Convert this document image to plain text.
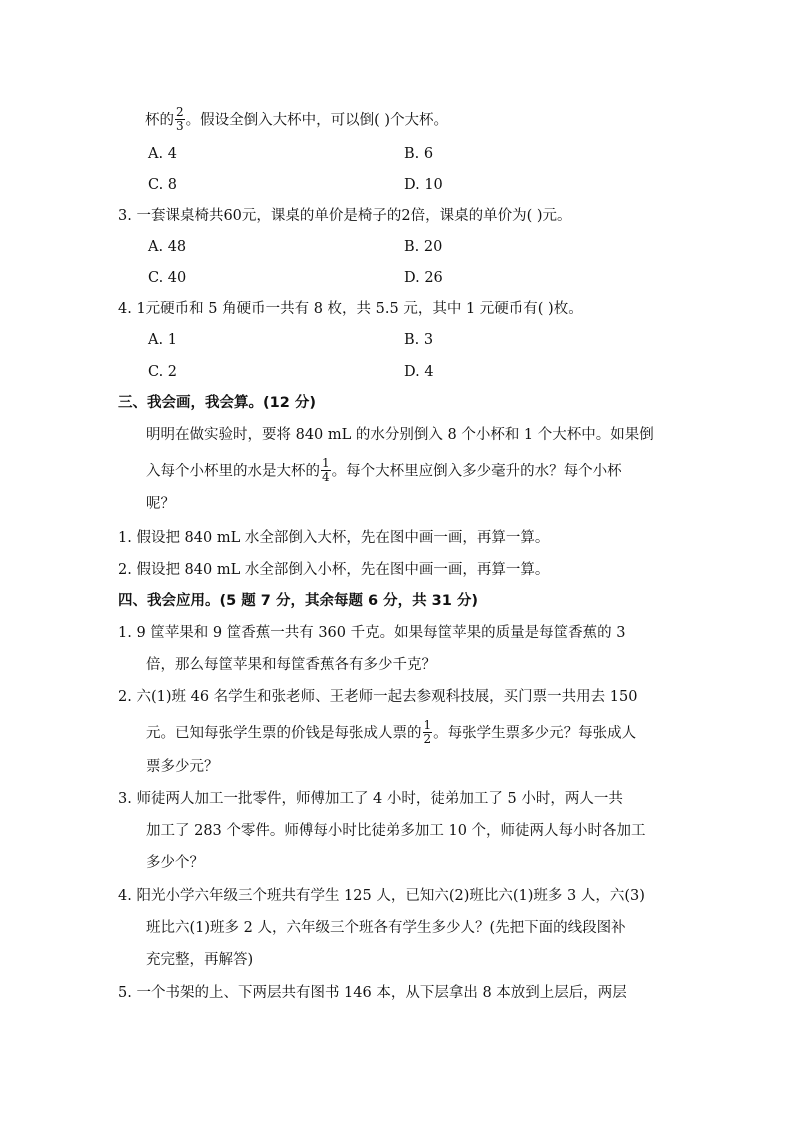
杯的 $\frac{2}{3}$ 。假设全倒入大杯中，可以倒( )个大杯。
A. 4	B. 6
C. 8	D. 10
3. 一套课桌椅共60元，课桌的单价是椅子的2倍，课桌的单价为( )元。
A. 48	B. 20
C. 40	D. 26
4. 1元硬币和 5 角硬币一共有 8 枚，共 5.5 元，其中 1 元硬币有( )枚。
A. 1	B. 3
C. 2	D. 4
三、我会画，我会算。(12 分)
明明在做实验时，要将 840 mL 的水分别倒入 8 个小杯和 1 个大杯中。如果倒
入每个小杯里的水是大杯的 $\frac{1}{4}$ 。每个大杯里应倒入多少毫升的水？每个小杯
呢？
1. 假设把 840 mL 水全部倒入大杯，先在图中画一画，再算一算。
2. 假设把 840 mL 水全部倒入小杯，先在图中画一画，再算一算。
四、我会应用。(5 题 7 分，其余每题 6 分，共 31 分)
1. 9 筐苹果和 9 筐香蕉一共有 360 千克。如果每筐苹果的质量是每筐香蕉的 3
倍，那么每筐苹果和每筐香蕉各有多少千克？
2. 六(1)班 46 名学生和张老师、王老师一起去参观科技展，买门票一共用去 150
元。已知每张学生票的价钱是每张成人票的 $\frac{1}{2}$ 。每张学生票多少元？每张成人
票多少元？
3. 师徒两人加工一批零件，师傅加工了 4 小时，徒弟加工了 5 小时，两人一共
加工了 283 个零件。师傅每小时比徒弟多加工 10 个，师徒两人每小时各加工
多少个？
4. 阳光小学六年级三个班共有学生 125 人，已知六(2)班比六(1)班多 3 人，六(3)
班比六(1)班多 2 人，六年级三个班各有学生多少人？(先把下面的线段图补
充完整，再解答)
5. 一个书架的上、下两层共有图书 146 本，从下层拿出 8 本放到上层后，两层
